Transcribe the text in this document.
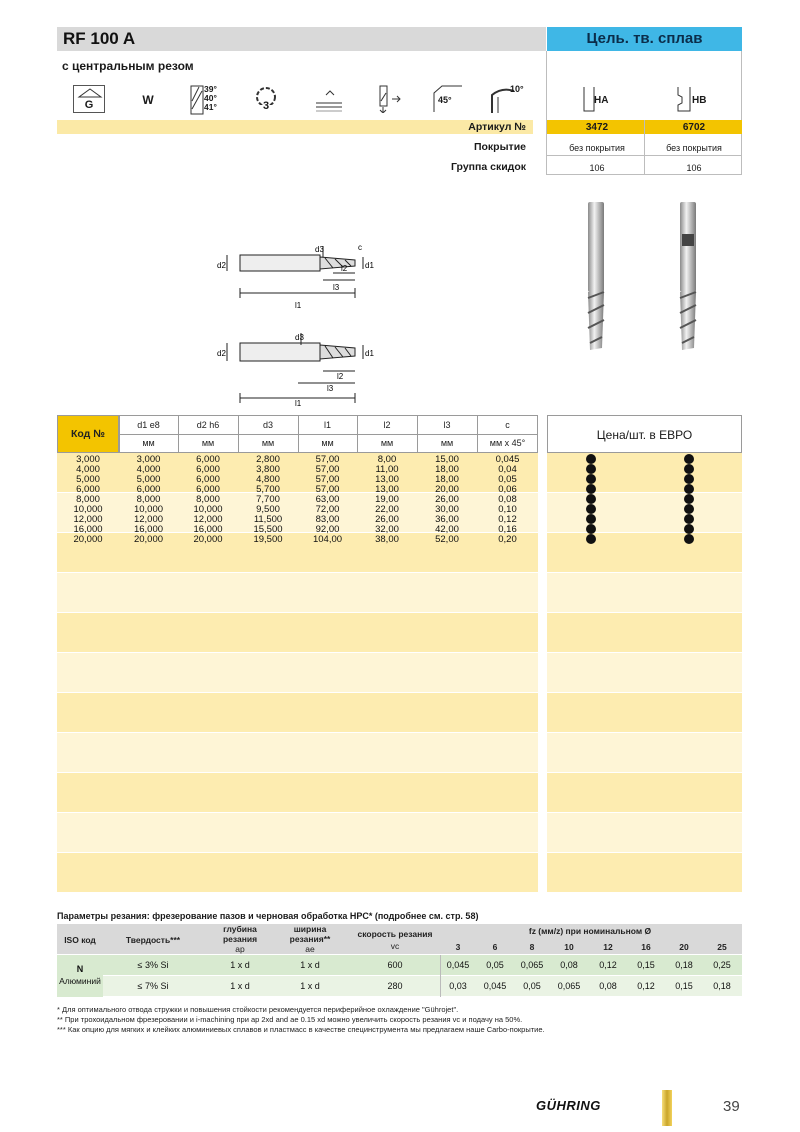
RF 100 A	Цель. тв. сплав
с центральным резом
G	W
39°
40°
41°	3	45°
10°
HA	HB
Артикул №
Покрытие
Группа скидок
3472	6702
без покрытия	без покрытия
106	106
d2
d3	c
d1
l2
l3
l1
d2
d3
d1
l2
l3
l1
Код №
d1 e8
мм
d2 h6
мм
d3
мм
l1
мм
l2
мм
l3
мм
c
мм x 45°
Цена/шт. в ЕВРО
3,000	3,000	6,000	2,800	57,00	8,00	15,00	0,045
4,000	4,000	6,000	3,800	57,00	11,00	18,00	0,04
5,000	5,000	6,000	4,800	57,00	13,00	18,00	0,05
6,000	6,000	6,000	5,700	57,00	13,00	20,00	0,06
8,000	8,000	8,000	7,700	63,00	19,00	26,00	0,08
10,000	10,000	10,000	9,500	72,00	22,00	30,00	0,10
12,000	12,000	12,000	11,500	83,00	26,00	36,00	0,12
16,000	16,000	16,000	15,500	92,00	32,00	42,00	0,16
20,000	20,000	20,000	19,500	104,00	38,00	52,00	0,20
Параметры резания: фрезерование пазов и черновая обработка HPC* (подробнее см. стр. 58)
ISO код	Твердость***
глубина
резания
ap
ширина
резания**
ae
скорость резания
vc
fz (мм/z) при номинальном Ø
3	6	8	10	12	16	20	25
N
Алюминий
≤ 3% Si	1 x d	1 x d	600	0,045	0,05	0,065	0,08	0,12	0,15	0,18	0,25
≤ 7% Si	1 x d	1 x d	280	0,03	0,045	0,05	0,065	0,08	0,12	0,15	0,18
* Для оптимального отвода стружки и повышения стойкости рекомендуется периферийное охлаждение "Gührojet".
** При трохоидальном фрезеровании и i-machining при ap 2xd and ae 0.15 xd можно увеличить скорость резания vc и подачу на 50%.
*** Как опцию для мягких и клейких алюминиевых сплавов и пластмасс в качестве специнструмента мы предлагаем наше Carbo-покрытие.
GÜHRING	39
